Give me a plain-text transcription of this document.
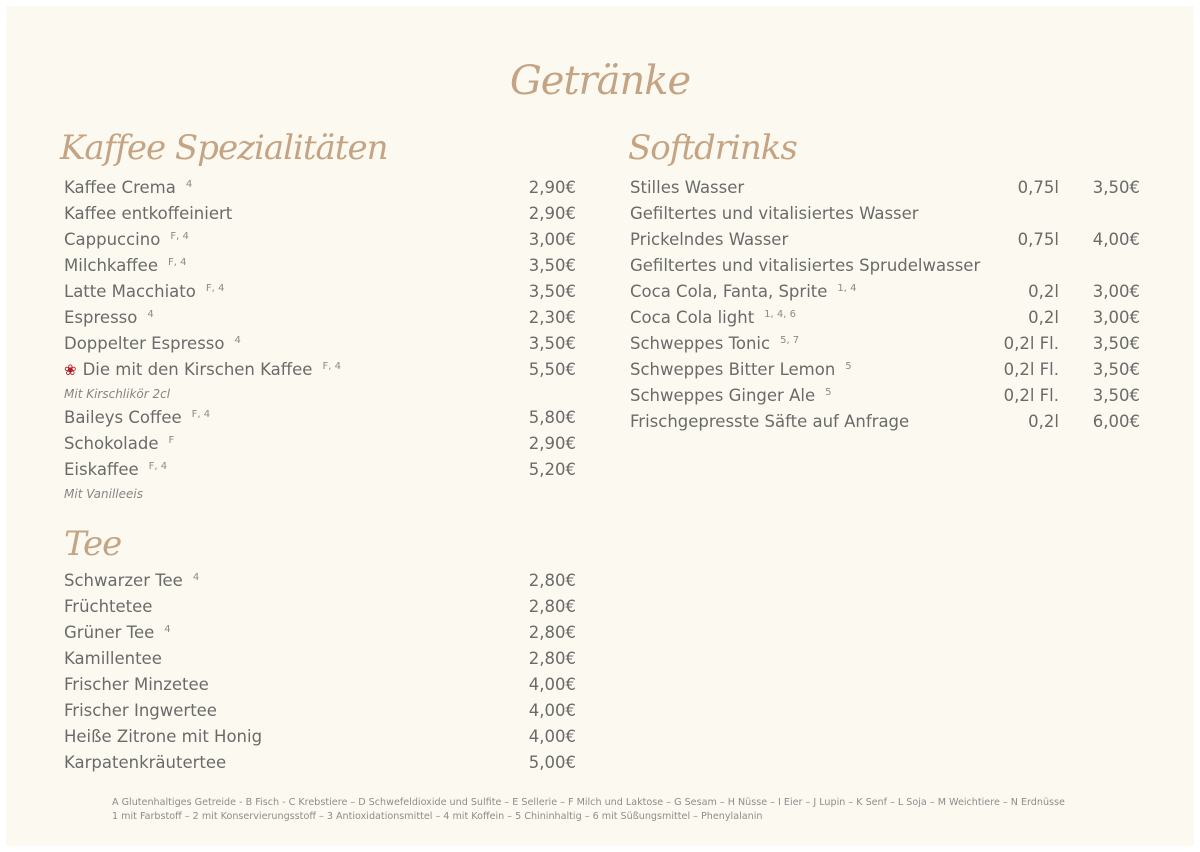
Getränke
Kaffee Spezialitäten
Kaffee Crema $^4$	2,90€
Kaffee entkoffeiniert	2,90€
Cappuccino $^{F, 4}$	3,00€
Milchkaffee $^{F, 4}$	3,50€
Latte Macchiato $^{F, 4}$	3,50€
Espresso $^4$	2,30€
Doppelter Espresso $^4$	3,50€
❀ Die mit den Kirschen Kaffee $^{F, 4}$	5,50€
Mit Kirschlikör 2cl
Baileys Coffee $^{F, 4}$	5,80€
Schokolade $^F$	2,90€
Eiskaffee $^{F, 4}$	5,20€
Mit Vanilleeis
Tee
Schwarzer Tee $^4$	2,80€
Früchtetee	2,80€
Grüner Tee $^4$	2,80€
Kamillentee	2,80€
Frischer Minzetee	4,00€
Frischer Ingwertee	4,00€
Heiße Zitrone mit Honig	4,00€
Karpatenkräutertee	5,00€
Softdrinks
Stilles Wasser	0,75l 3,50€
Gefiltertes und vitalisiertes Wasser
Prickelndes Wasser	0,75l 4,00€
Gefiltertes und vitalisiertes Sprudelwasser
Coca Cola, Fanta, Sprite $^{1, 4}$	0,2l 3,00€
Coca Cola light $^{1, 4, 6}$	0,2l 3,00€
Schweppes Tonic $^{5, 7}$	0,2l Fl. 3,50€
Schweppes Bitter Lemon $^5$	0,2l Fl. 3,50€
Schweppes Ginger Ale $^5$	0,2l Fl. 3,50€
Frischgepresste Säfte auf Anfrage	0,2l 6,00€
A Glutenhaltiges Getreide - B Fisch - C Krebstiere – D Schwefeldioxide und Sulfite – E Sellerie – F Milch und Laktose – G Sesam – H Nüsse – I Eier – J Lupin – K Senf – L Soja – M Weichtiere – N Erdnüsse
1 mit Farbstoff – 2 mit Konservierungsstoff – 3 Antioxidationsmittel – 4 mit Koffein – 5 Chininhaltig – 6 mit Süßungsmittel – Phenylalanin
